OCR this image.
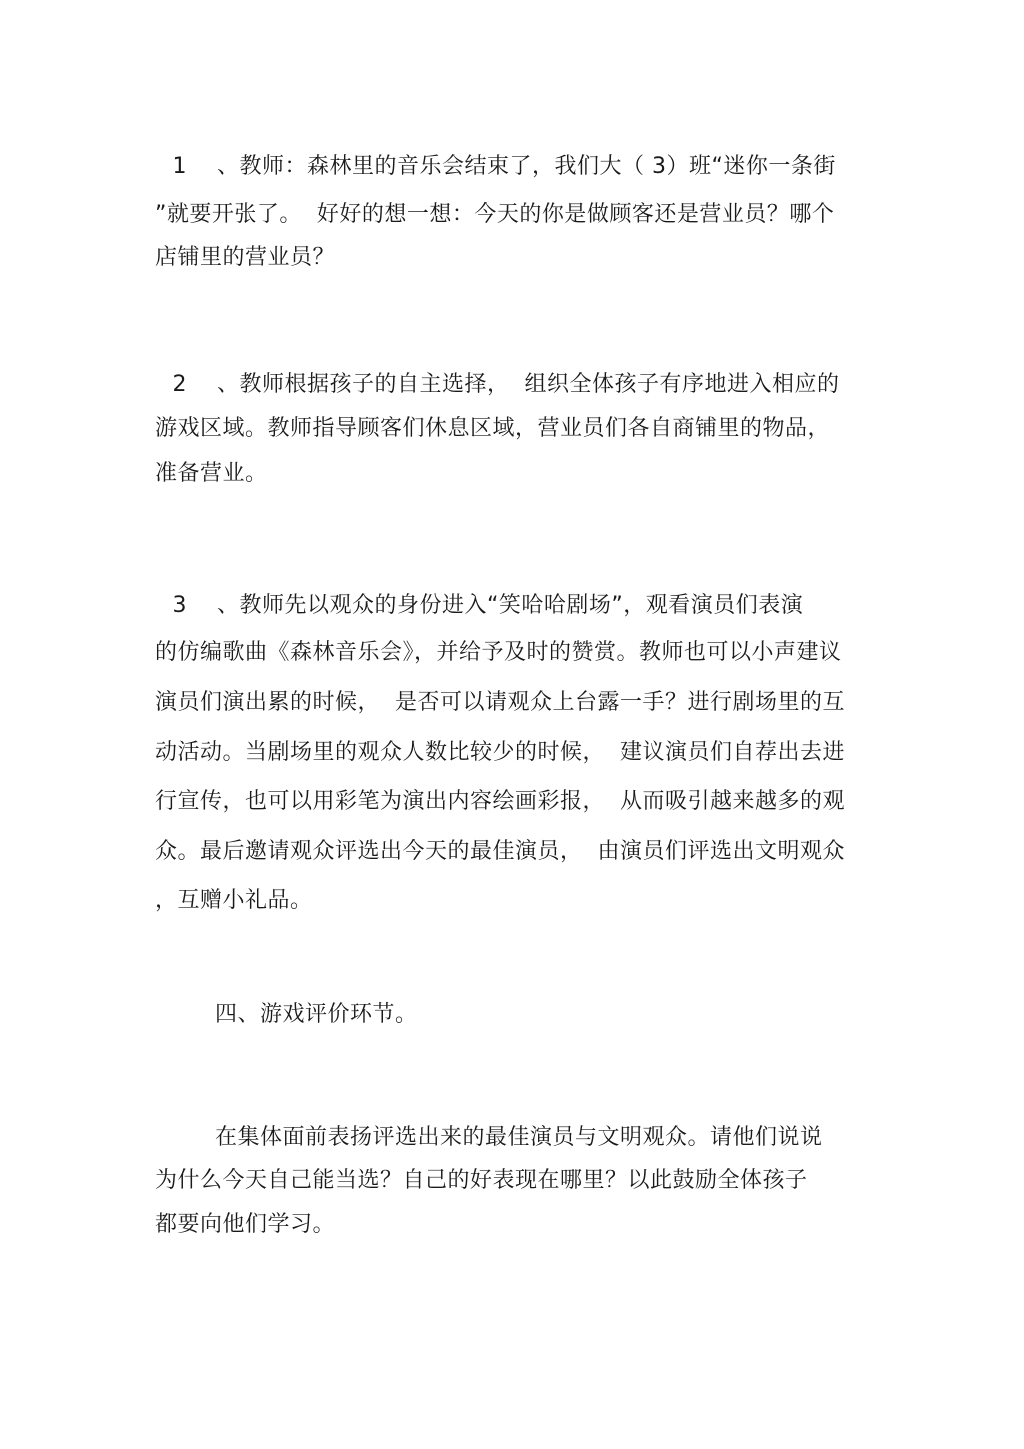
1　 、教师：森林里的音乐会结束了，我们大（ 3）班“迷你一条街
”就要开张了。  好好的想一想：今天的你是做顾客还是营业员？哪个
店铺里的营业员？
2　 、教师根据孩子的自主选择，  组织全体孩子有序地进入相应的
游戏区域。教师指导顾客们休息区域，营业员们各自商铺里的物品，
准备营业。
3　 、教师先以观众的身份进入“笑哈哈剧场”，观看演员们表演
的仿编歌曲《森林音乐会》，并给予及时的赞赏。教师也可以小声建议
演员们演出累的时候，  是否可以请观众上台露一手？进行剧场里的互
动活动。当剧场里的观众人数比较少的时候，  建议演员们自荐出去进
行宣传，也可以用彩笔为演出内容绘画彩报，  从而吸引越来越多的观
众。最后邀请观众评选出今天的最佳演员，  由演员们评选出文明观众
，互赠小礼品。
四、游戏评价环节。
在集体面前表扬评选出来的最佳演员与文明观众。请他们说说
为什么今天自己能当选？自己的好表现在哪里？以此鼓励全体孩子
都要向他们学习。
